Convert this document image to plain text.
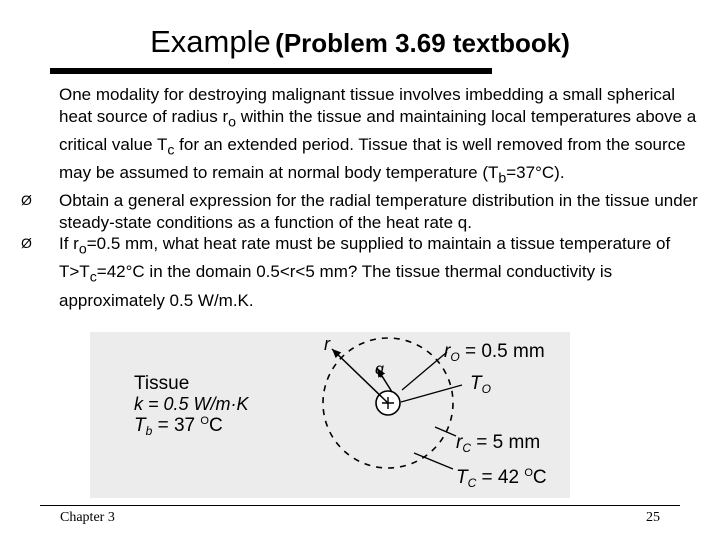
Example (Problem 3.69 textbook)
One modality for destroying malignant tissue involves imbedding a small spherical heat source of radius $r_o$ within the tissue and maintaining local temperatures above a critical value $T_c$ for an extended period. Tissue that is well removed from the source may be assumed to remain at normal body temperature $(T_b=37^\circ C)$.
Ø Obtain a general expression for the radial temperature distribution in the tissue under steady-state conditions as a function of the heat rate q.
Ø If $r_o=0.5$ mm, what heat rate must be supplied to maintain a tissue temperature of $T>T_c=42^\circ C$ in the domain 0.5<r<5 mm? The tissue thermal conductivity is approximately 0.5 W/m.K.
Tissue
k = 0.5 W/m·K
$T_b = 37$ $^O$C
r
q
$r_O = 0.5$ mm
$T_O$
$r_C = 5$ mm
$T_C = 42$ $^O$C
Chapter 3	25
